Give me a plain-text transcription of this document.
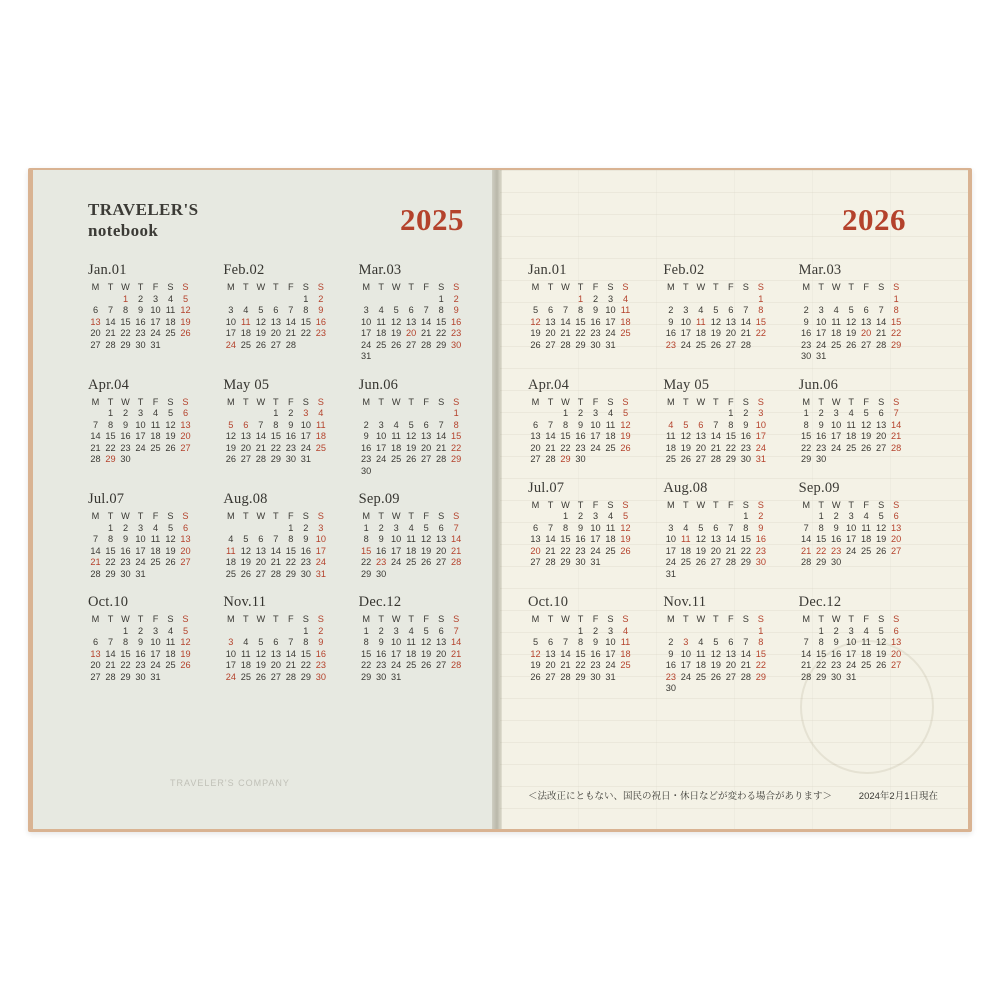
TRAVELER'S
notebook	2025	2026
Jan.01
M	T	W	T	F	S	S
		1	2	3	4	5
6	7	8	9	10	11	12
13	14	15	16	17	18	19
20	21	22	23	24	25	26
27	28	29	30	31		
Feb.02
M	T	W	T	F	S	S
					1	2
3	4	5	6	7	8	9
10	11	12	13	14	15	16
17	18	19	20	21	22	23
24	25	26	27	28		
Mar.03
M	T	W	T	F	S	S
					1	2
3	4	5	6	7	8	9
10	11	12	13	14	15	16
17	18	19	20	21	22	23
24	25	26	27	28	29	30
31						
Apr.04
M	T	W	T	F	S	S
	1	2	3	4	5	6
7	8	9	10	11	12	13
14	15	16	17	18	19	20
21	22	23	24	25	26	27
28	29	30				
May 05
M	T	W	T	F	S	S
			1	2	3	4
5	6	7	8	9	10	11
12	13	14	15	16	17	18
19	20	21	22	23	24	25
26	27	28	29	30	31	
Jun.06
M	T	W	T	F	S	S
						1
2	3	4	5	6	7	8
9	10	11	12	13	14	15
16	17	18	19	20	21	22
23	24	25	26	27	28	29
30						
Jul.07
M	T	W	T	F	S	S
	1	2	3	4	5	6
7	8	9	10	11	12	13
14	15	16	17	18	19	20
21	22	23	24	25	26	27
28	29	30	31			
Aug.08
M	T	W	T	F	S	S
				1	2	3
4	5	6	7	8	9	10
11	12	13	14	15	16	17
18	19	20	21	22	23	24
25	26	27	28	29	30	31
Sep.09
M	T	W	T	F	S	S
1	2	3	4	5	6	7
8	9	10	11	12	13	14
15	16	17	18	19	20	21
22	23	24	25	26	27	28
29	30					
Oct.10
M	T	W	T	F	S	S
		1	2	3	4	5
6	7	8	9	10	11	12
13	14	15	16	17	18	19
20	21	22	23	24	25	26
27	28	29	30	31		
Nov.11
M	T	W	T	F	S	S
					1	2
3	4	5	6	7	8	9
10	11	12	13	14	15	16
17	18	19	20	21	22	23
24	25	26	27	28	29	30
Dec.12
M	T	W	T	F	S	S
1	2	3	4	5	6	7
8	9	10	11	12	13	14
15	16	17	18	19	20	21
22	23	24	25	26	27	28
29	30	31				
Jan.01
M	T	W	T	F	S	S
			1	2	3	4
5	6	7	8	9	10	11
12	13	14	15	16	17	18
19	20	21	22	23	24	25
26	27	28	29	30	31	
Feb.02
M	T	W	T	F	S	S
						1
2	3	4	5	6	7	8
9	10	11	12	13	14	15
16	17	18	19	20	21	22
23	24	25	26	27	28	
Mar.03
M	T	W	T	F	S	S
						1
2	3	4	5	6	7	8
9	10	11	12	13	14	15
16	17	18	19	20	21	22
23	24	25	26	27	28	29
30	31					
Apr.04
M	T	W	T	F	S	S
		1	2	3	4	5
6	7	8	9	10	11	12
13	14	15	16	17	18	19
20	21	22	23	24	25	26
27	28	29	30			
May 05
M	T	W	T	F	S	S
				1	2	3
4	5	6	7	8	9	10
11	12	13	14	15	16	17
18	19	20	21	22	23	24
25	26	27	28	29	30	31
Jun.06
M	T	W	T	F	S	S
1	2	3	4	5	6	7
8	9	10	11	12	13	14
15	16	17	18	19	20	21
22	23	24	25	26	27	28
29	30					
Jul.07
M	T	W	T	F	S	S
		1	2	3	4	5
6	7	8	9	10	11	12
13	14	15	16	17	18	19
20	21	22	23	24	25	26
27	28	29	30	31		
Aug.08
M	T	W	T	F	S	S
					1	2
3	4	5	6	7	8	9
10	11	12	13	14	15	16
17	18	19	20	21	22	23
24	25	26	27	28	29	30
31						
Sep.09
M	T	W	T	F	S	S
	1	2	3	4	5	6
7	8	9	10	11	12	13
14	15	16	17	18	19	20
21	22	23	24	25	26	27
28	29	30				
Oct.10
M	T	W	T	F	S	S
			1	2	3	4
5	6	7	8	9	10	11
12	13	14	15	16	17	18
19	20	21	22	23	24	25
26	27	28	29	30	31	
Nov.11
M	T	W	T	F	S	S
						1
2	3	4	5	6	7	8
9	10	11	12	13	14	15
16	17	18	19	20	21	22
23	24	25	26	27	28	29
30						
Dec.12
M	T	W	T	F	S	S
	1	2	3	4	5	6
7	8	9	10	11	12	13
14	15	16	17	18	19	20
21	22	23	24	25	26	27
28	29	30	31			
TRAVELER'S COMPANY
＜法改正にともない、国民の祝日・休日などが変わる場合があります＞	2024年2月1日現在
